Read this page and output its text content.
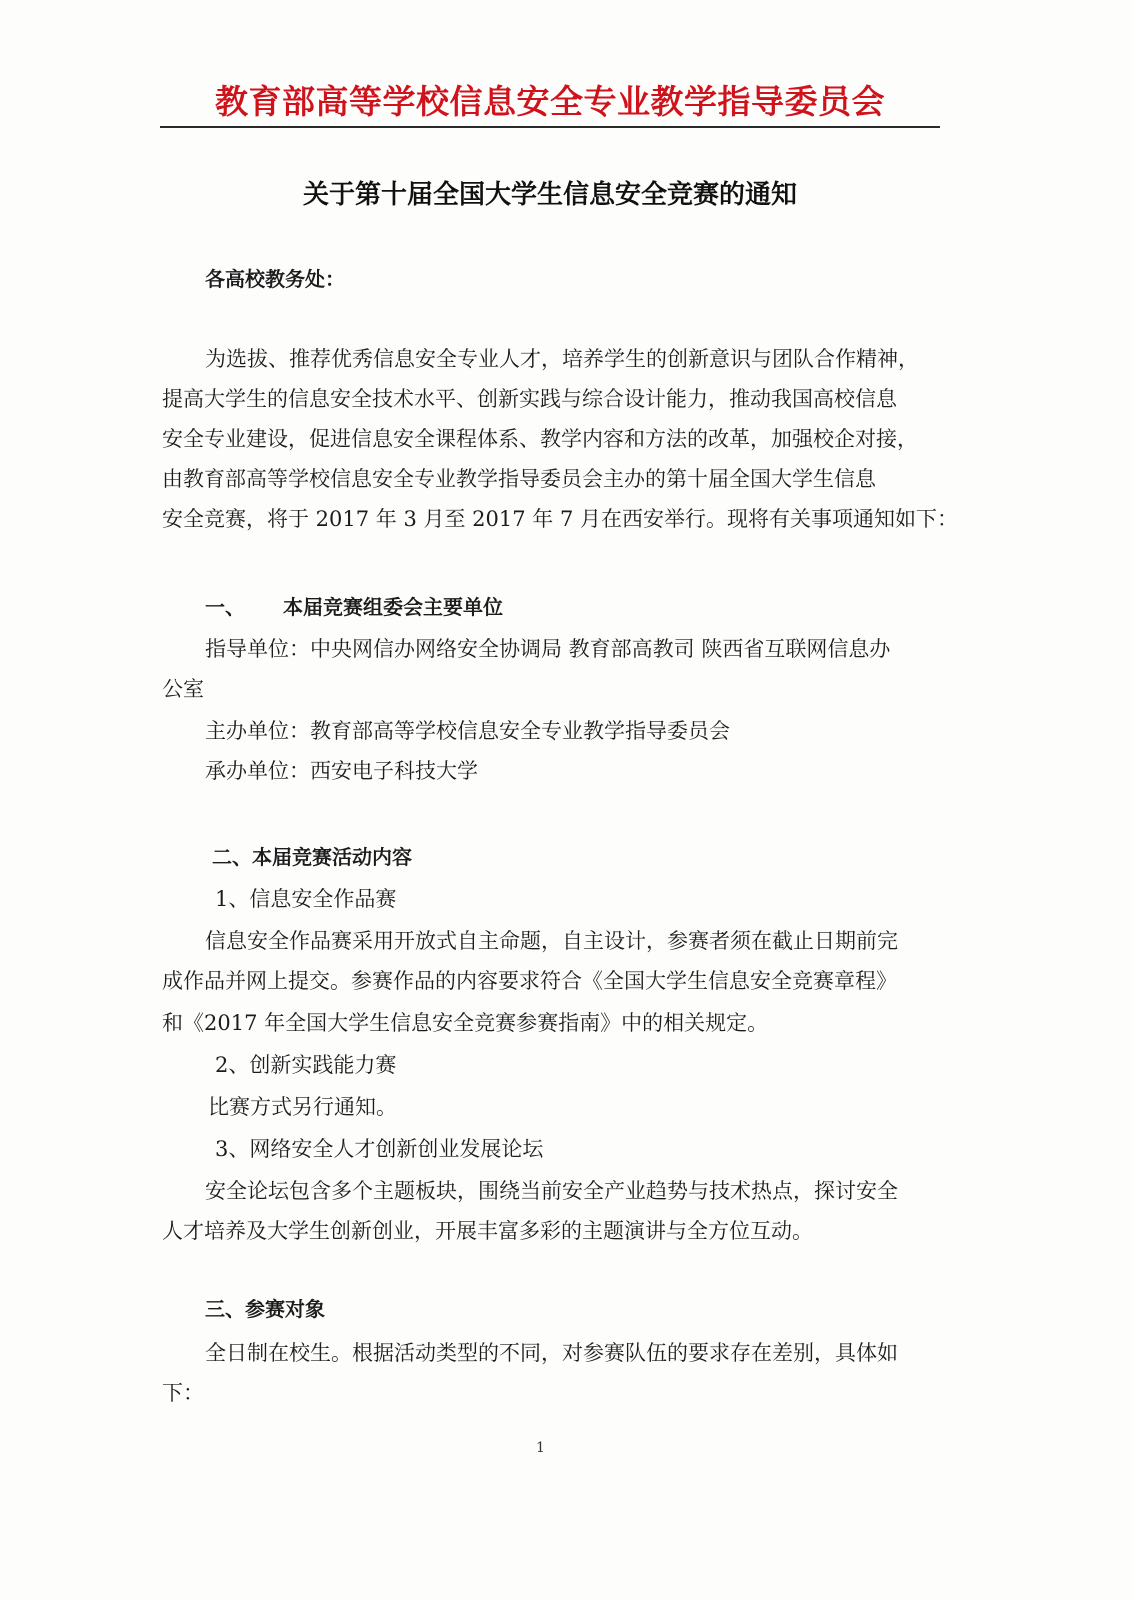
教育部高等学校信息安全专业教学指导委员会
关于第十届全国大学生信息安全竞赛的通知
各高校教务处：
为选拔、推荐优秀信息安全专业人才，培养学生的创新意识与团队合作精神，
提高大学生的信息安全技术水平、创新实践与综合设计能力，推动我国高校信息
安全专业建设，促进信息安全课程体系、教学内容和方法的改革，加强校企对接，
由教育部高等学校信息安全专业教学指导委员会主办的第十届全国大学生信息
安全竞赛，将于 2017 年 3 月至 2017 年 7 月在西安举行。现将有关事项通知如下：
一、 本届竞赛组委会主要单位
指导单位：中央网信办网络安全协调局 教育部高教司 陕西省互联网信息办
公室
主办单位：教育部高等学校信息安全专业教学指导委员会
承办单位：西安电子科技大学
二、本届竞赛活动内容
1、信息安全作品赛
信息安全作品赛采用开放式自主命题，自主设计，参赛者须在截止日期前完
成作品并网上提交。参赛作品的内容要求符合《全国大学生信息安全竞赛章程》
和《2017 年全国大学生信息安全竞赛参赛指南》中的相关规定。
2、创新实践能力赛
比赛方式另行通知。
3、网络安全人才创新创业发展论坛
安全论坛包含多个主题板块，围绕当前安全产业趋势与技术热点，探讨安全
人才培养及大学生创新创业，开展丰富多彩的主题演讲与全方位互动。
三、参赛对象
全日制在校生。根据活动类型的不同，对参赛队伍的要求存在差别，具体如
下：
1
